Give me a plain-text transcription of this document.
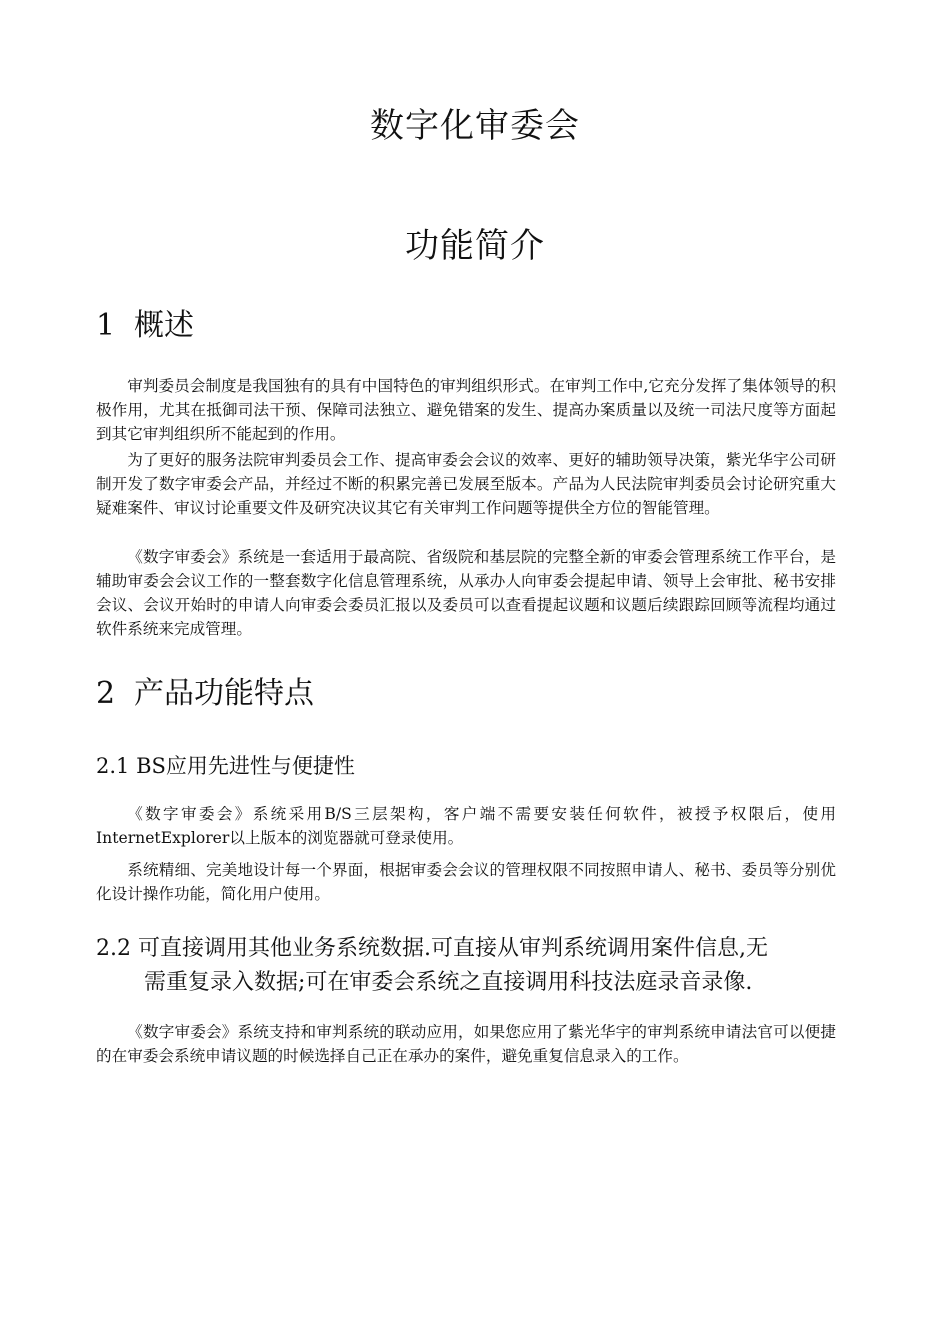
数字化审委会
功能简介
1 概述

审判委员会制度是我国独有的具有中国特色的审判组织形式。在审判工作中,它充分发挥了集体领导的积极作用，尤其在抵御司法干预、保障司法独立、避免错案的发生、提高办案质量以及统一司法尺度等方面起到其它审判组织所不能起到的作用。

为了更好的服务法院审判委员会工作、提高审委会会议的效率、更好的辅助领导决策，紫光华宇公司研制开发了数字审委会产品，并经过不断的积累完善已发展至版本。产品为人民法院审判委员会讨论研究重大疑难案件、审议讨论重要文件及研究决议其它有关审判工作问题等提供全方位的智能管理。

《数字审委会》系统是一套适用于最高院、省级院和基层院的完整全新的审委会管理系统工作平台，是辅助审委会会议工作的一整套数字化信息管理系统，从承办人向审委会提起申请、领导上会审批、秘书安排会议、会议开始时的申请人向审委会委员汇报以及委员可以查看提起议题和议题后续跟踪回顾等流程均通过软件系统来完成管理。

2 产品功能特点
2.1 BS应用先进性与便捷性

《数字审委会》系统采用B/S三层架构，客户端不需要安装任何软件，被授予权限后，使用InternetExplorer以上版本的浏览器就可登录使用。

系统精细、完美地设计每一个界面，根据审委会会议的管理权限不同按照申请人、秘书、委员等分别优化设计操作功能，简化用户使用。

2.2 可直接调用其他业务系统数据.可直接从审判系统调用案件信息,无
需重复录入数据;可在审委会系统之直接调用科技法庭录音录像.

《数字审委会》系统支持和审判系统的联动应用，如果您应用了紫光华宇的审判系统申请法官可以便捷的在审委会系统申请议题的时候选择自己正在承办的案件，避免重复信息录入的工作。
